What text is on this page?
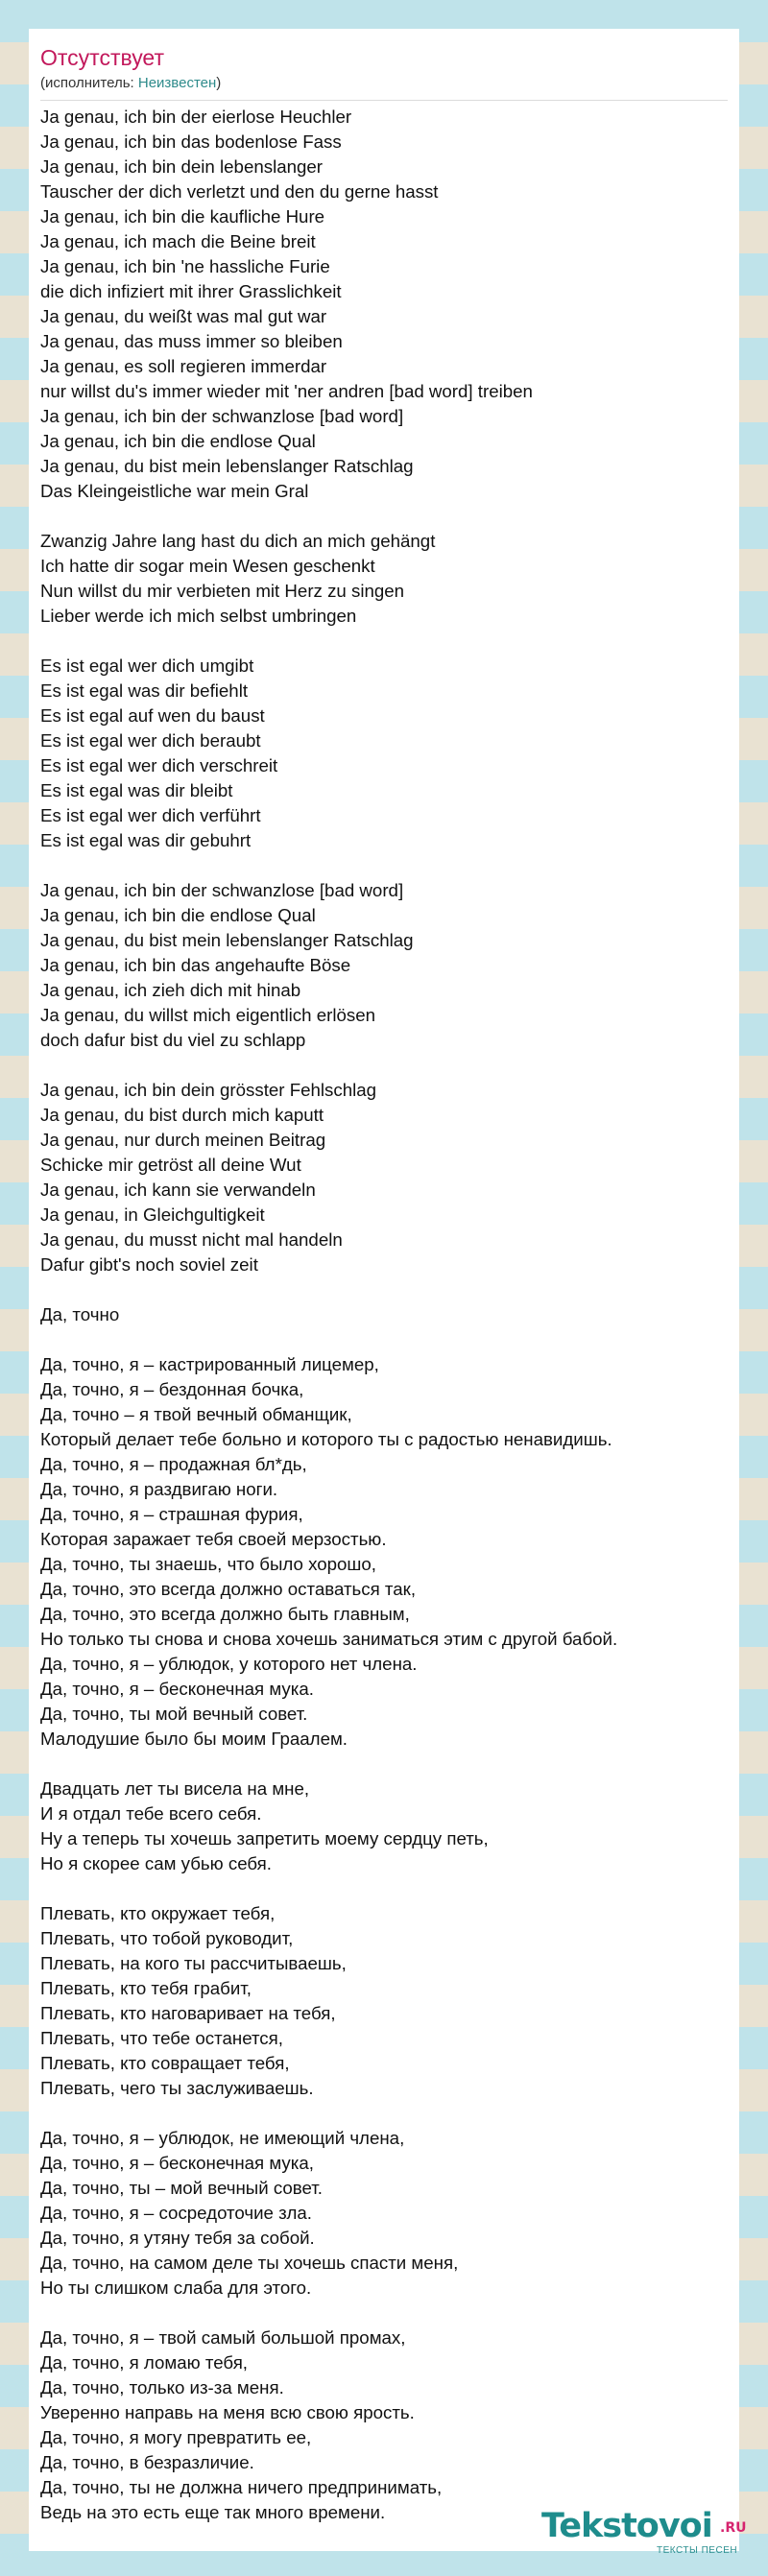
Отсутствует
(исполнитель: Неизвестен)
Ja genau, ich bin der eierlose Heuchler
Ja genau, ich bin das bodenlose Fass
Ja genau, ich bin dein lebenslanger
Tauscher der dich verletzt und den du gerne hasst
Ja genau, ich bin die kaufliche Hure
Ja genau, ich mach die Beine breit
Ja genau, ich bin 'ne hassliche Furie
die dich infiziert mit ihrer Grasslichkeit
Ja genau, du weißt was mal gut war
Ja genau, das muss immer so bleiben
Ja genau, es soll regieren immerdar
nur willst du's immer wieder mit 'ner andren [bad word] treiben
Ja genau, ich bin der schwanzlose [bad word]
Ja genau, ich bin die endlose Qual
Ja genau, du bist mein lebenslanger Ratschlag
Das Kleingeistliche war mein Gral
Zwanzig Jahre lang hast du dich an mich gehängt
Ich hatte dir sogar mein Wesen geschenkt
Nun willst du mir verbieten mit Herz zu singen
Lieber werde ich mich selbst umbringen
Es ist egal wer dich umgibt
Es ist egal was dir befiehlt
Es ist egal auf wen du baust
Es ist egal wer dich beraubt
Es ist egal wer dich verschreit
Es ist egal was dir bleibt
Es ist egal wer dich verführt
Es ist egal was dir gebuhrt
Ja genau, ich bin der schwanzlose [bad word]
Ja genau, ich bin die endlose Qual
Ja genau, du bist mein lebenslanger Ratschlag
Ja genau, ich bin das angehaufte Böse
Ja genau, ich zieh dich mit hinab
Ja genau, du willst mich eigentlich erlösen
doch dafur bist du viel zu schlapp
Ja genau, ich bin dein grösster Fehlschlag
Ja genau, du bist durch mich kaputt
Ja genau, nur durch meinen Beitrag
Schicke mir getröst all deine Wut
Ja genau, ich kann sie verwandeln
Ja genau, in Gleichgultigkeit
Ja genau, du musst nicht mal handeln
Dafur gibt's noch soviel zeit
Да, точно
Да, точно, я – кастрированный лицемер,
Да, точно, я – бездонная бочка,
Да, точно – я твой вечный обманщик,
Который делает тебе больно и которого ты с радостью ненавидишь.
Да, точно, я – продажная бл*дь,
Да, точно, я раздвигаю ноги.
Да, точно, я – страшная фурия,
Которая заражает тебя своей мерзостью.
Да, точно, ты знаешь, что было хорошо,
Да, точно, это всегда должно оставаться так,
Да, точно, это всегда должно быть главным,
Но только ты снова и снова хочешь заниматься этим с другой бабой.
Да, точно, я – ублюдок, у которого нет члена.
Да, точно, я – бесконечная мука.
Да, точно, ты мой вечный совет.
Малодушие было бы моим Граалем.
Двадцать лет ты висела на мне,
И я отдал тебе всего себя.
Ну а теперь ты хочешь запретить моему сердцу петь,
Но я скорее сам убью себя.
Плевать, кто окружает тебя,
Плевать, что тобой руководит,
Плевать, на кого ты рассчитываешь,
Плевать, кто тебя грабит,
Плевать, кто наговаривает на тебя,
Плевать, что тебе останется,
Плевать, кто совращает тебя,
Плевать, чего ты заслуживаешь.
Да, точно, я – ублюдок, не имеющий члена,
Да, точно, я – бесконечная мука,
Да, точно, ты – мой вечный совет.
Да, точно, я – сосредоточие зла.
Да, точно, я утяну тебя за собой.
Да, точно, на самом деле ты хочешь спасти меня,
Но ты слишком слаба для этого.
Да, точно, я – твой самый большой промах,
Да, точно, я ломаю тебя,
Да, точно, только из-за меня.
Уверенно направь на меня всю свою ярость.
Да, точно, я могу превратить ее,
Да, точно, в безразличие.
Да, точно, ты не должна ничего предпринимать,
Ведь на это есть еще так много времени.	Tekstovoi .RU
ТЕКСТЫ ПЕСЕН
